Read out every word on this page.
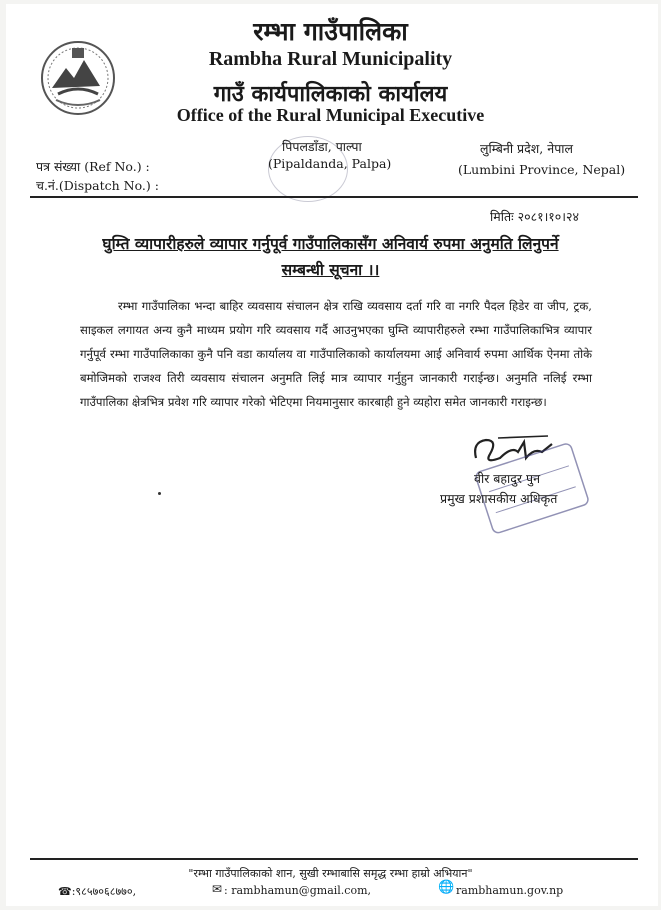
रम्भा गाउँपालिका
Rambha Rural Municipality
गाउँ कार्यपालिकाको कार्यालय
Office of the Rural Municipal Executive
पिपलडाँडा, पाल्पा
(Pipaldanda, Palpa)
लुम्बिनी प्रदेश, नेपाल
(Lumbini Province, Nepal)
पत्र संख्या (Ref No.) :
च.नं.(Dispatch No.) :
मितिः २०८१।१०।२४
घुम्ति व्यापारीहरुले व्यापार गर्नुपूर्व गाउँपालिकासँग अनिवार्य रुपमा अनुमति लिनुपर्ने
सम्बन्धी सूचना ।।
रम्भा गाउँपालिका भन्दा बाहिर व्यवसाय संचालन क्षेत्र राखि व्यवसाय दर्ता गरि वा नगरि पैदल हिडेर वा जीप, ट्रक, साइकल लगायत अन्य कुनै माध्यम प्रयोग गरि व्यवसाय गर्दै आउनुभएका घुम्ति व्यापारीहरुले रम्भा गाउँपालिकाभित्र व्यापार गर्नुपूर्व रम्भा गाउँपालिकाका कुनै पनि वडा कार्यालय वा गाउँपालिकाको कार्यालयमा आई अनिवार्य रुपमा आर्थिक ऐनमा तोके बमोजिमको राजश्व तिरी व्यवसाय संचालन अनुमति लिई मात्र व्यापार गर्नुहुन जानकारी गराईन्छ। अनुमति नलिई रम्भा गाउँपालिका क्षेत्रभित्र प्रवेश गरि व्यापार गरेको भेटिएमा नियमानुसार कारबाही हुने व्यहोरा समेत जानकारी गराइन्छ।
वीर बहादुर पुन
प्रमुख प्रशासकीय अधिकृत
"रम्भा गाउँपालिकाको शान, सुखी रम्भाबासि समृद्ध रम्भा हाम्रो अभियान"
☎:९८५७०६८७७०,	✉ : rambhamun@gmail.com,	🌐 rambhamun.gov.np
